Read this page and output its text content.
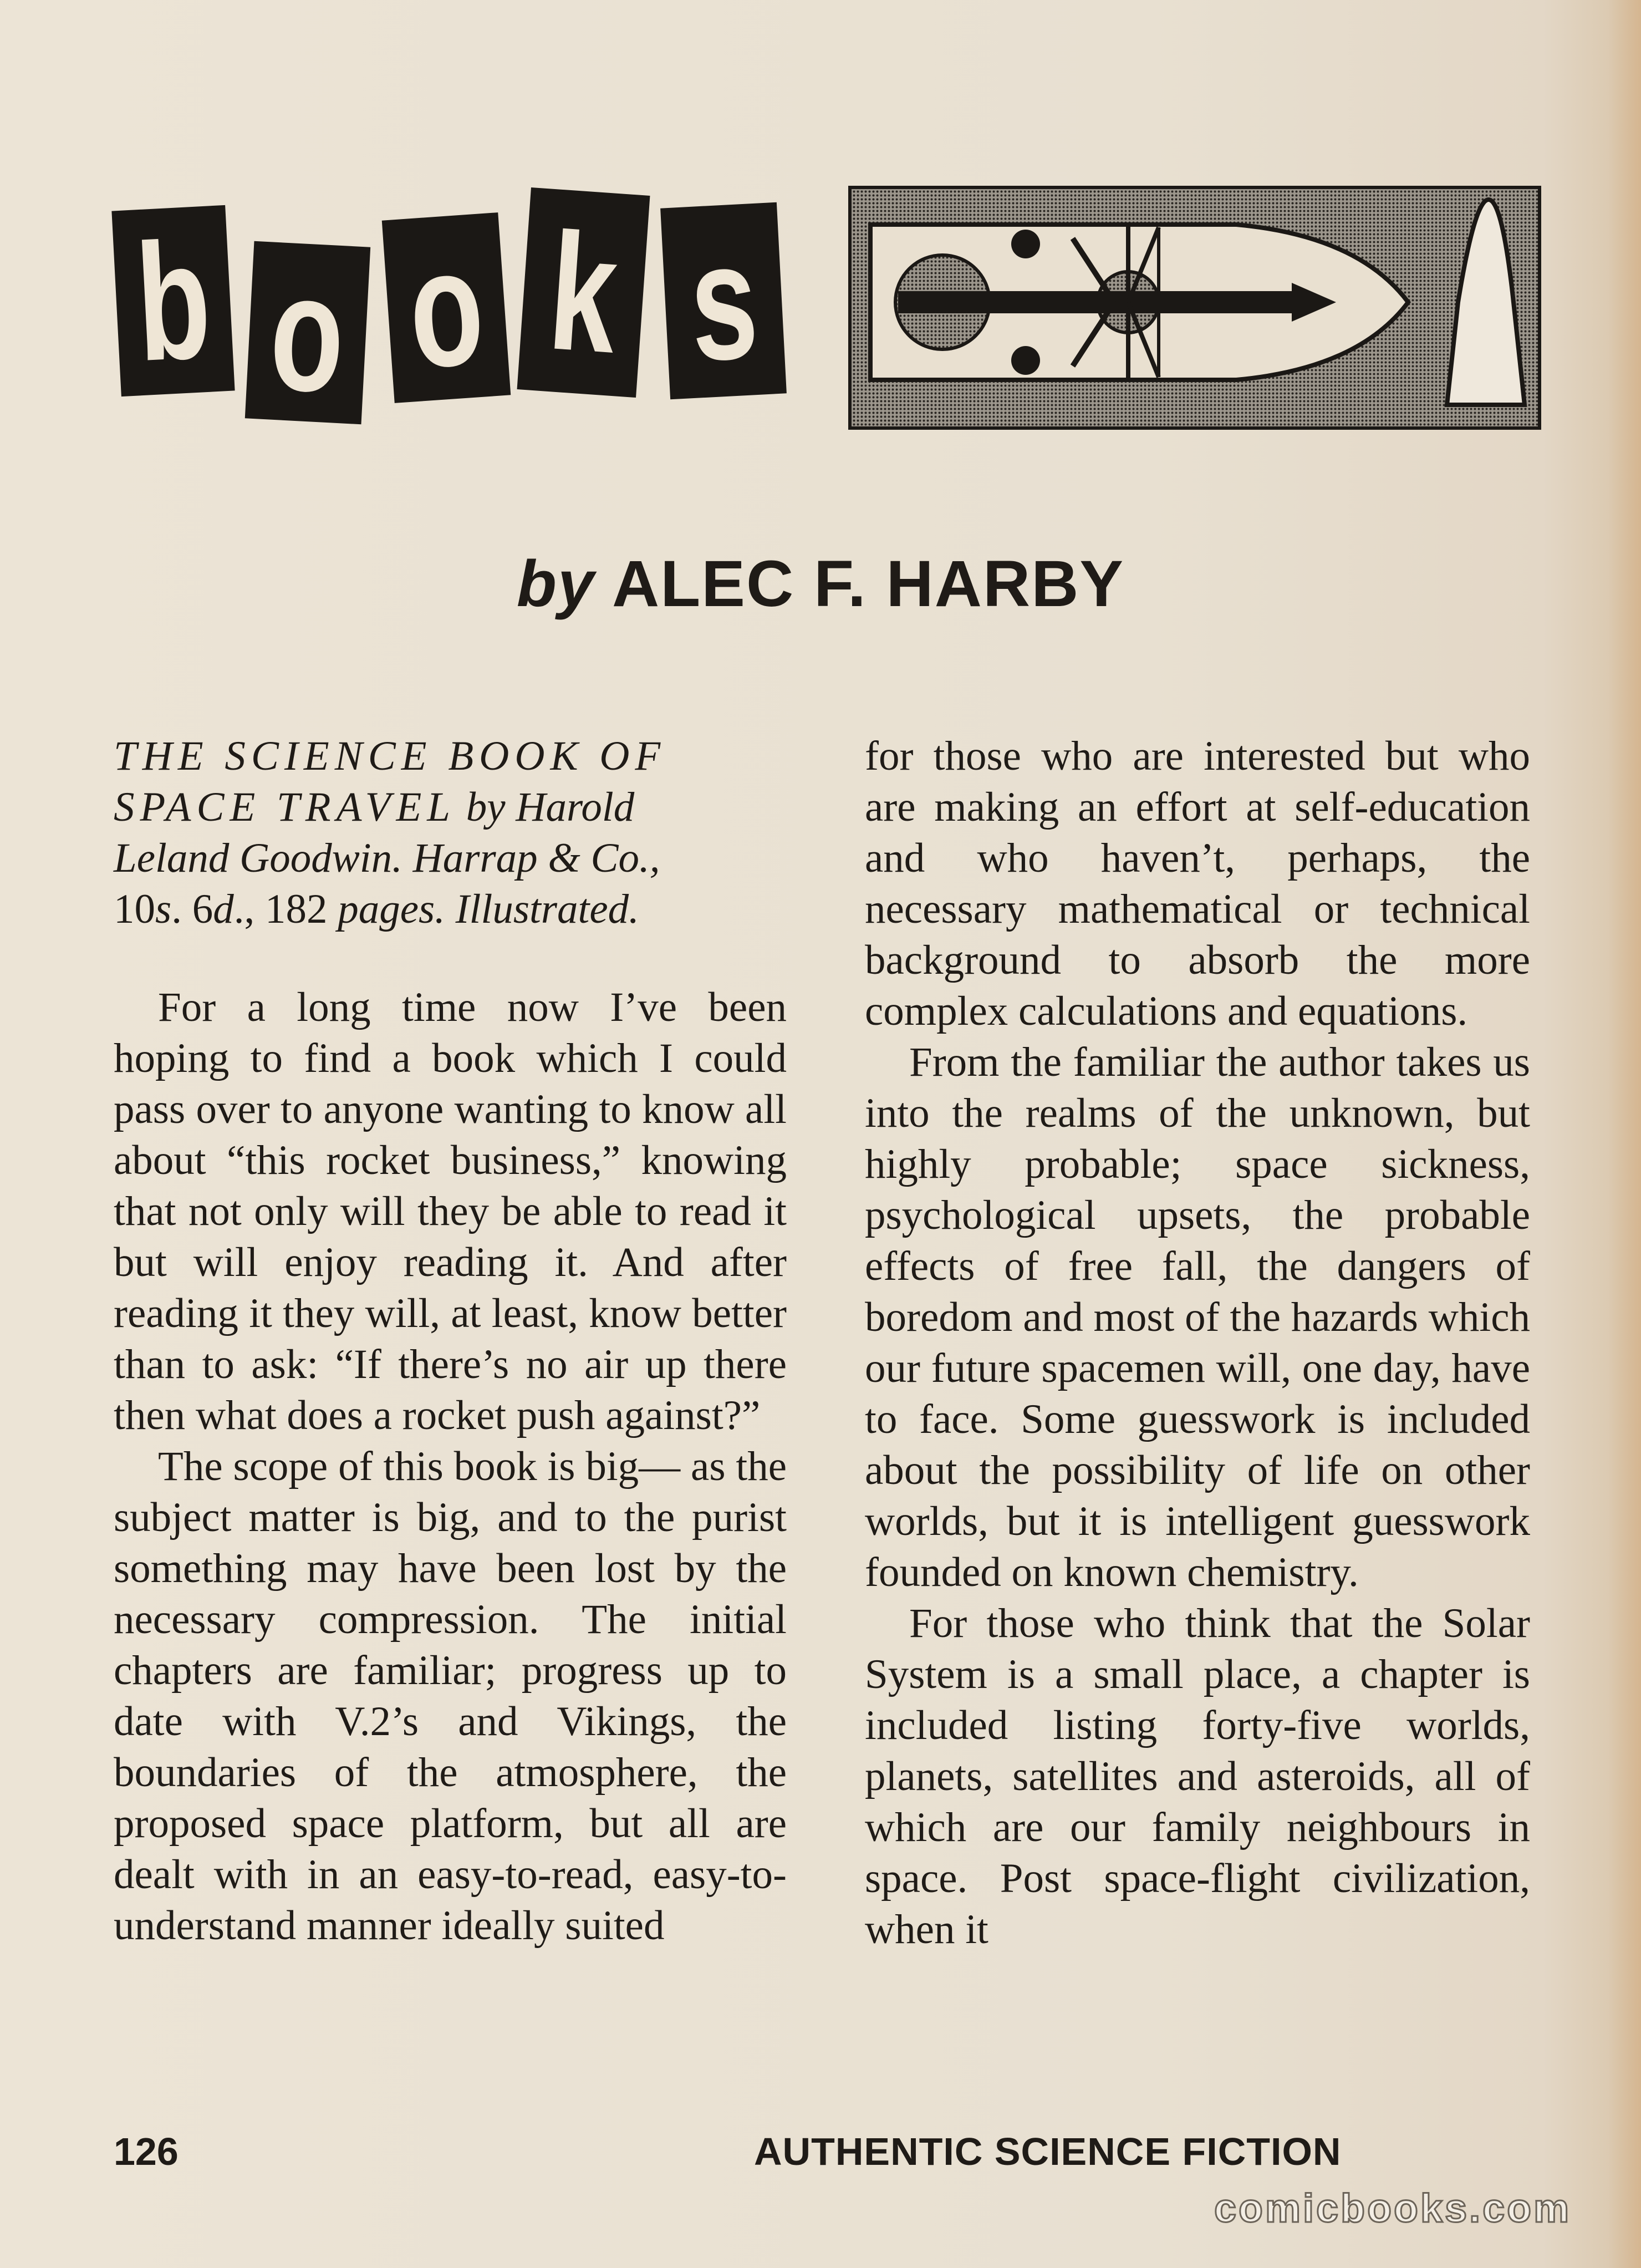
b o o k s
by ALEC F. HARBY

THE SCIENCE BOOK OF
SPACE TRAVEL by Harold
Leland Goodwin. Harrap & Co.,
10s. 6d., 182 pages. Illustrated.

For a long time now I’ve been hoping to find a book which I could pass over to anyone wanting to know all about “this rocket business,” knowing that not only will they be able to read it but will enjoy reading it. And after reading it they will, at least, know better than to ask: “If there’s no air up there then what does a rocket push against?”

The scope of this book is big— as the subject matter is big, and to the purist something may have been lost by the necessary compression. The initial chapters are familiar; progress up to date with V.2’s and Vikings, the boundaries of the atmosphere, the proposed space platform, but all are dealt with in an easy-to-read, easy-to-understand manner ideally suited

for those who are interested but who are making an effort at self-education and who haven’t, perhaps, the necessary mathematical or technical background to absorb the more complex calculations and equations.

From the familiar the author takes us into the realms of the unknown, but highly probable; space sickness, psychological upsets, the probable effects of free fall, the dangers of boredom and most of the hazards which our future spacemen will, one day, have to face. Some guesswork is included about the possibility of life on other worlds, but it is intelligent guesswork founded on known chemistry.

For those who think that the Solar System is a small place, a chapter is included listing forty-five worlds, planets, satellites and asteroids, all of which are our family neighbours in space. Post space-flight civilization, when it

126	AUTHENTIC SCIENCE FICTION
comicbooks.com
